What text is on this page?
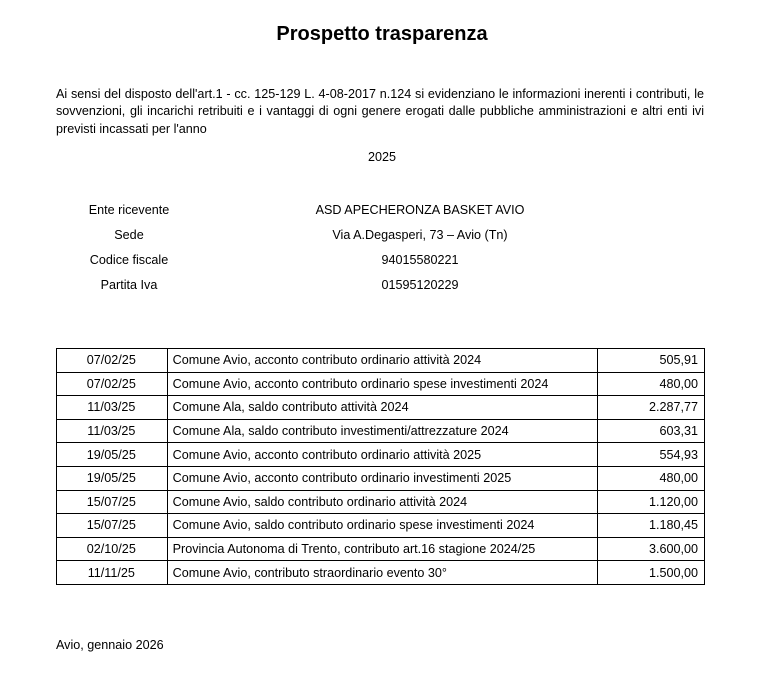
Prospetto trasparenza
Ai sensi del disposto dell'art.1 - cc. 125-129 L. 4-08-2017 n.124 si evidenziano le informazioni inerenti i contributi, le sovvenzioni, gli incarichi retribuiti e i vantaggi di ogni genere erogati dalle pubbliche amministrazioni e altri enti ivi previsti incassati per l'anno
2025
Ente ricevente	ASD APECHERONZA BASKET AVIO
Sede	Via A.Degasperi, 73 – Avio (Tn)
Codice fiscale	94015580221
Partita Iva	01595120229
07/02/25	Comune Avio, acconto contributo ordinario attività 2024	505,91
07/02/25	Comune Avio, acconto contributo ordinario spese investimenti 2024	480,00
11/03/25	Comune Ala, saldo contributo attività 2024	2.287,77
11/03/25	Comune Ala, saldo contributo investimenti/attrezzature 2024	603,31
19/05/25	Comune Avio, acconto contributo ordinario attività 2025	554,93
19/05/25	Comune Avio, acconto contributo ordinario investimenti 2025	480,00
15/07/25	Comune Avio, saldo contributo ordinario attività 2024	1.120,00
15/07/25	Comune Avio, saldo contributo ordinario spese investimenti 2024	1.180,45
02/10/25	Provincia Autonoma di Trento, contributo art.16 stagione 2024/25	3.600,00
11/11/25	Comune Avio, contributo straordinario evento 30°	1.500,00
Avio, gennaio 2026
